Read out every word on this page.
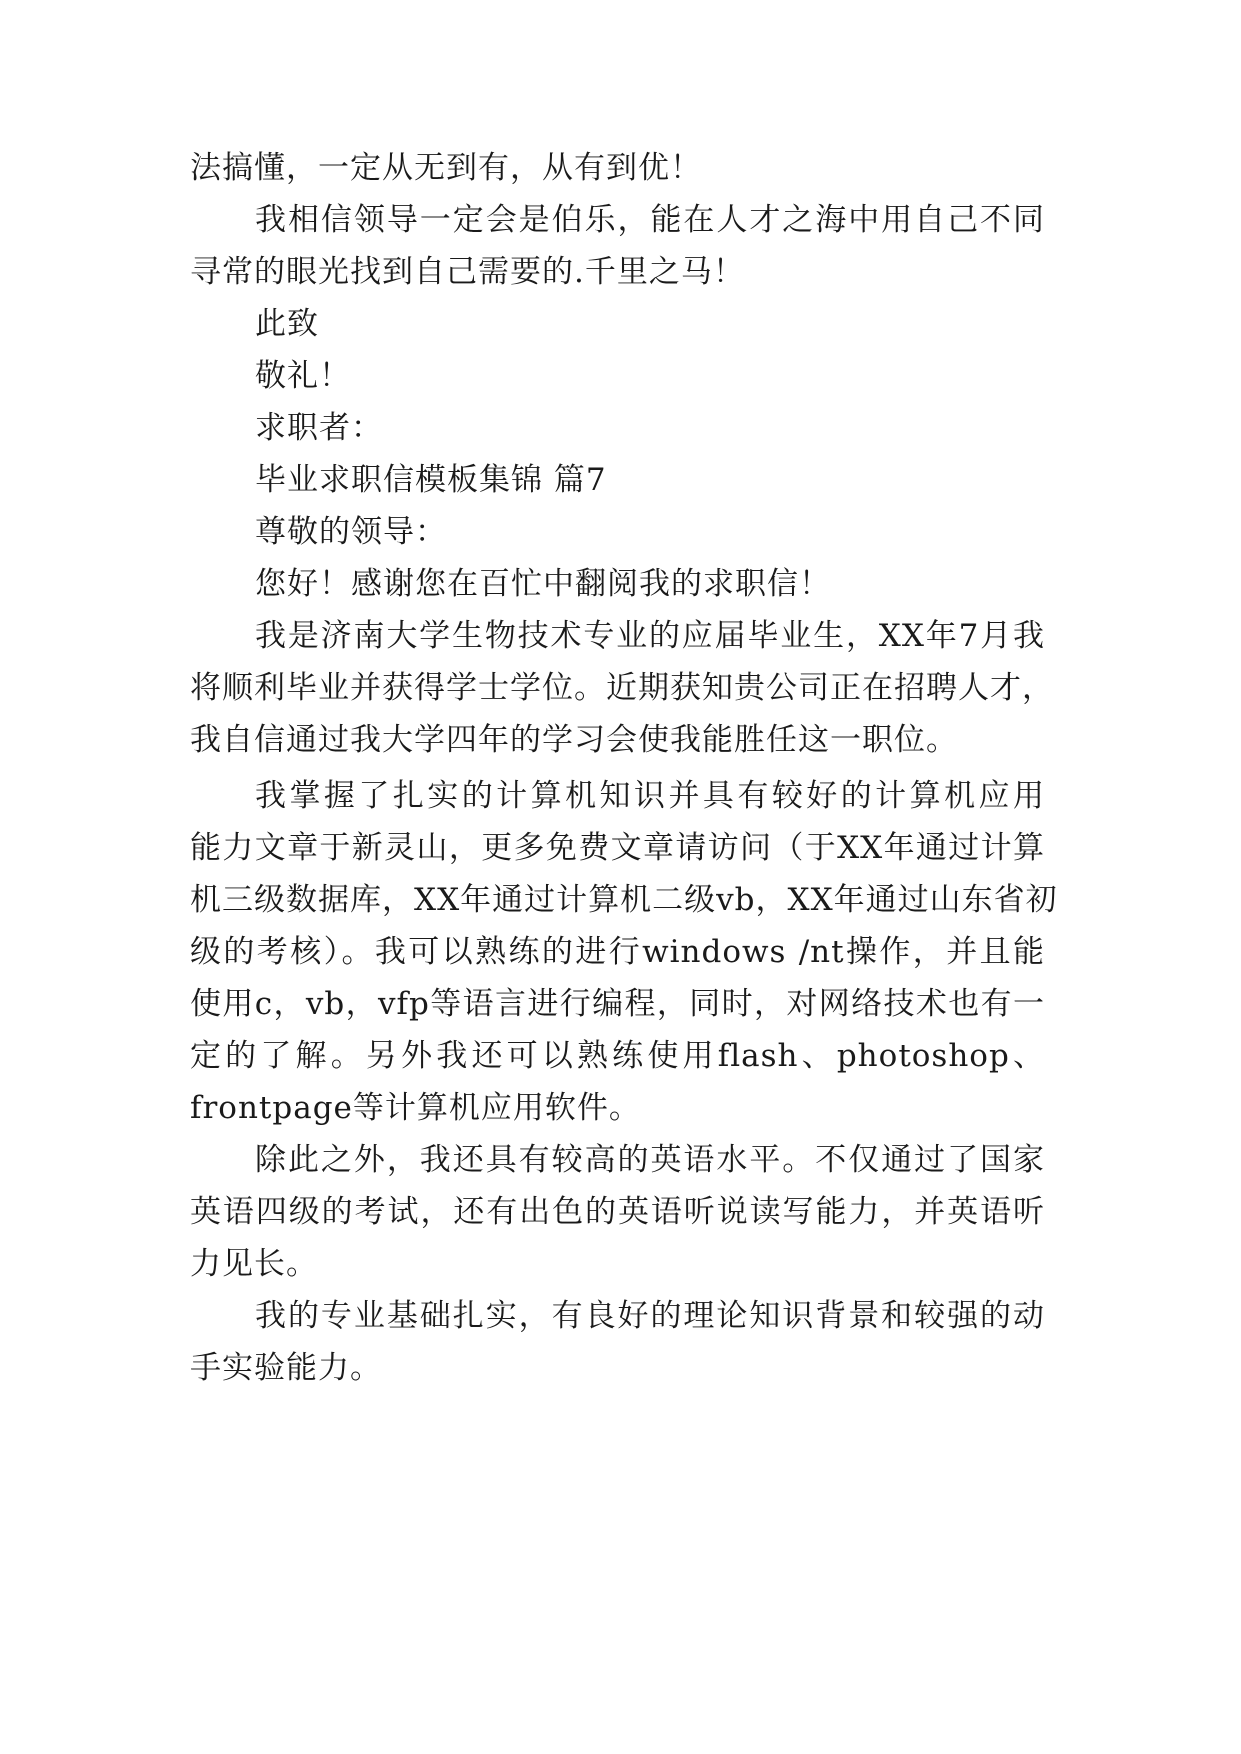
法搞懂，一定从无到有，从有到优！
我相信领导一定会是伯乐，能在人才之海中用自己不同
寻常的眼光找到自己需要的.千里之马！
此致
敬礼！
求职者：
毕业求职信模板集锦 篇7
尊敬的领导：
您好！感谢您在百忙中翻阅我的求职信！
我是济南大学生物技术专业的应届毕业生，XX年7月我
将顺利毕业并获得学士学位。近期获知贵公司正在招聘人才，
我自信通过我大学四年的学习会使我能胜任这一职位。
我掌握了扎实的计算机知识并具有较好的计算机应用
能力文章于新灵山，更多免费文章请访问（于XX年通过计算
机三级数据库，XX年通过计算机二级vb，XX年通过山东省初
级的考核）。我可以熟练的进行windows /nt操作，并且能
使用c，vb，vfp等语言进行编程，同时，对网络技术也有一
定的了解。另外我还可以熟练使用flash、photoshop、
frontpage等计算机应用软件。
除此之外，我还具有较高的英语水平。不仅通过了国家
英语四级的考试，还有出色的英语听说读写能力，并英语听
力见长。
我的专业基础扎实，有良好的理论知识背景和较强的动
手实验能力。
